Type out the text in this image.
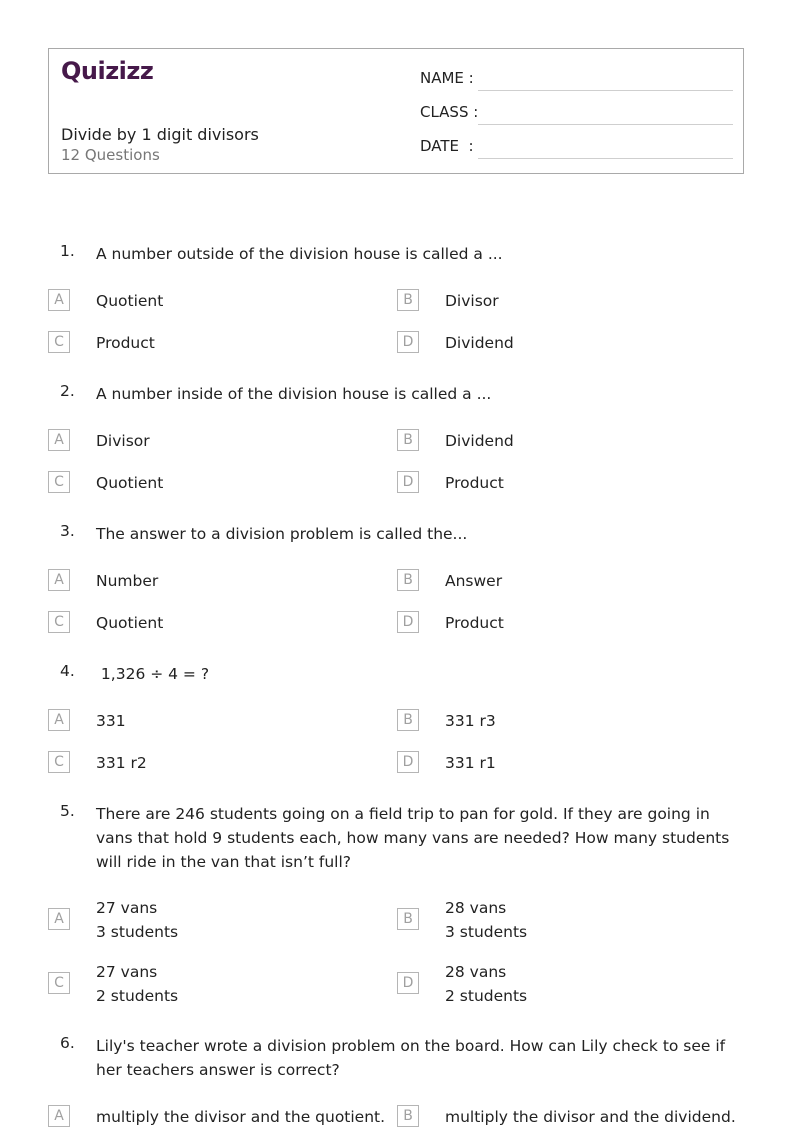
Quizizz
Divide by 1 digit divisors
12 Questions
NAME :
CLASS :
DATE  :
1. A number outside of the division house is called a ...
A	Quotient	B	Divisor
C	Product	D	Dividend
2. A number inside of the division house is called a ...
A	Divisor	B	Dividend
C	Quotient	D	Product
3. The answer to a division problem is called the...
A	Number	B	Answer
C	Quotient	D	Product
4. 1,326 ÷ 4 = ?
A	331	B	331 r3
C	331 r2	D	331 r1
5. There are 246 students going on a field trip to pan for gold. If they are going in vans that hold 9 students each, how many vans are needed? How many students will ride in the van that isn’t full?
A
27 vans
3 students
B
28 vans
3 students
C
27 vans
2 students
D
28 vans
2 students
6. Lily's teacher wrote a division problem on the board. How can Lily check to see if her teachers answer is correct?
A	multiply the divisor and the quotient.	B	multiply the divisor and the dividend.
